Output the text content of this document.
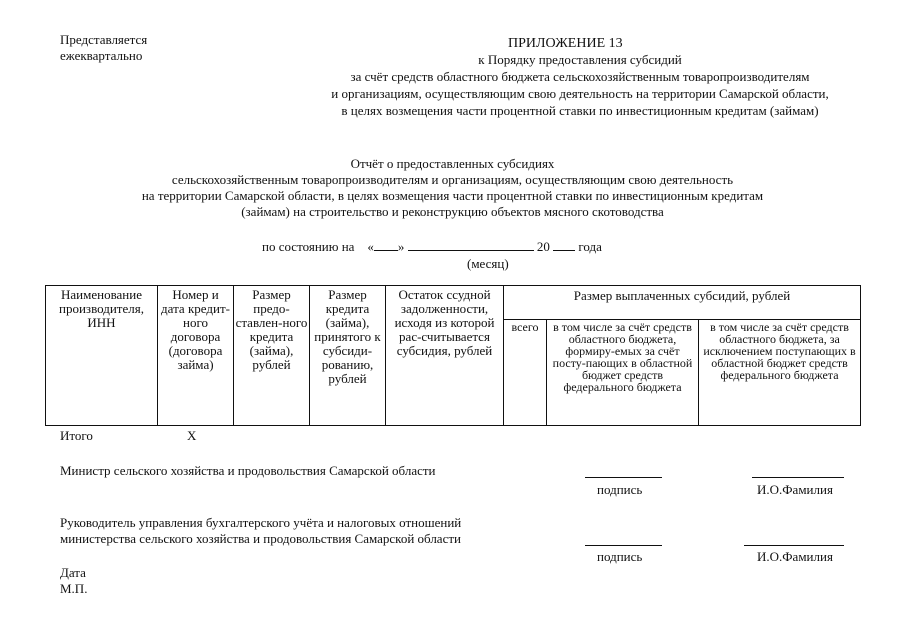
Представляется
ежеквартально
ПРИЛОЖЕНИЕ 13
к Порядку предоставления субсидий
за счёт средств областного бюджета сельскохозяйственным товаропроизводителям
и организациям, осуществляющим свою деятельность на территории Самарской области,
в целях возмещения части процентной ставки по инвестиционным кредитам (займам)
Отчёт о предоставленных субсидиях
сельскохозяйственным товаропроизводителям и организациям, осуществляющим свою деятельность
на территории Самарской области, в целях возмещения части процентной ставки по инвестиционным кредитам
(займам) на строительство и реконструкцию объектов мясного скотоводства
по состоянию на « »	20 года
(месяц)
Наименование производителя, ИНН	Номер и дата кредит-ного договора (договора займа)	Размер предо-ставлен-ного кредита (займа), рублей	Размер кредита (займа), принятого к субсиди-рованию, рублей	Остаток ссудной задолженности, исходя из которой рас-считывается субсидия, рублей	Размер выплаченных субсидий, рублей		
					всего	в том числе за счёт средств областного бюджета, формиру-емых за счёт посту-пающих в областной бюджет средств федерального бюджета	в том числе за счёт средств областного бюджета, за исключением поступающих в областной бюджет средств федерального бюджета
Итого	Х
Министр сельского хозяйства и продовольствия Самарской области
подпись	И.О.Фамилия
Руководитель управления бухгалтерского учёта и налоговых отношений
министерства сельского хозяйства и продовольствия Самарской области
подпись	И.О.Фамилия
Дата
М.П.
